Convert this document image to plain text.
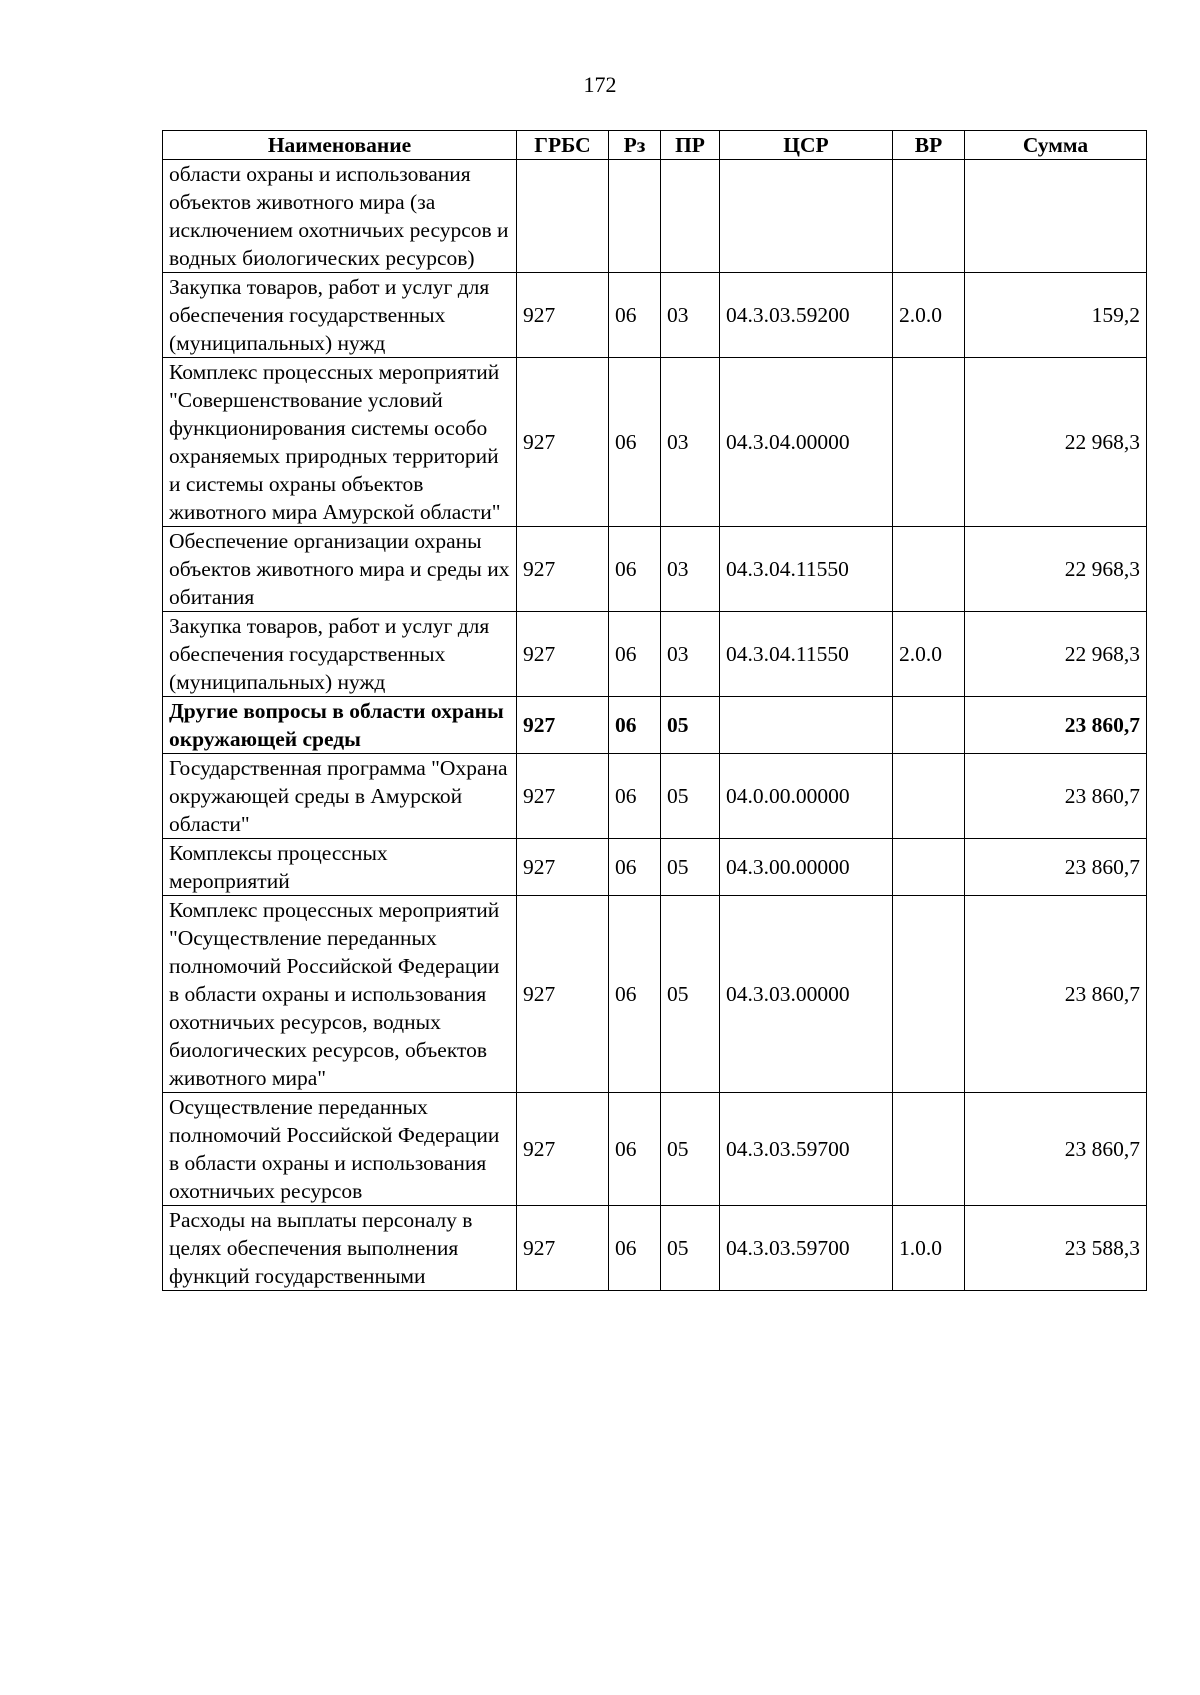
172
Наименование	ГРБС	Рз	ПР	ЦСР	ВР	Сумма
области охраны и использования объектов животного мира (за исключением охотничьих ресурсов и водных биологических ресурсов)						
Закупка товаров, работ и услуг для обеспечения государственных (муниципальных) нужд	927	06	03	04.3.03.59200	2.0.0	159,2
Комплекс процессных мероприятий "Совершенствование условий функционирования системы особо охраняемых природных территорий и системы охраны объектов животного мира Амурской области"	927	06	03	04.3.04.00000		22 968,3
Обеспечение организации охраны объектов животного мира и среды их обитания	927	06	03	04.3.04.11550		22 968,3
Закупка товаров, работ и услуг для обеспечения государственных (муниципальных) нужд	927	06	03	04.3.04.11550	2.0.0	22 968,3
Другие вопросы в области охраны окружающей среды	927	06	05			23 860,7
Государственная программа "Охрана окружающей среды в Амурской области"	927	06	05	04.0.00.00000		23 860,7
Комплексы процессных мероприятий	927	06	05	04.3.00.00000		23 860,7
Комплекс процессных мероприятий "Осуществление переданных полномочий Российской Федерации в области охраны и использования охотничьих ресурсов, водных биологических ресурсов, объектов животного мира"	927	06	05	04.3.03.00000		23 860,7
Осуществление переданных полномочий Российской Федерации в области охраны и использования охотничьих ресурсов	927	06	05	04.3.03.59700		23 860,7
Расходы на выплаты персоналу в целях обеспечения выполнения функций государственными	927	06	05	04.3.03.59700	1.0.0	23 588,3
